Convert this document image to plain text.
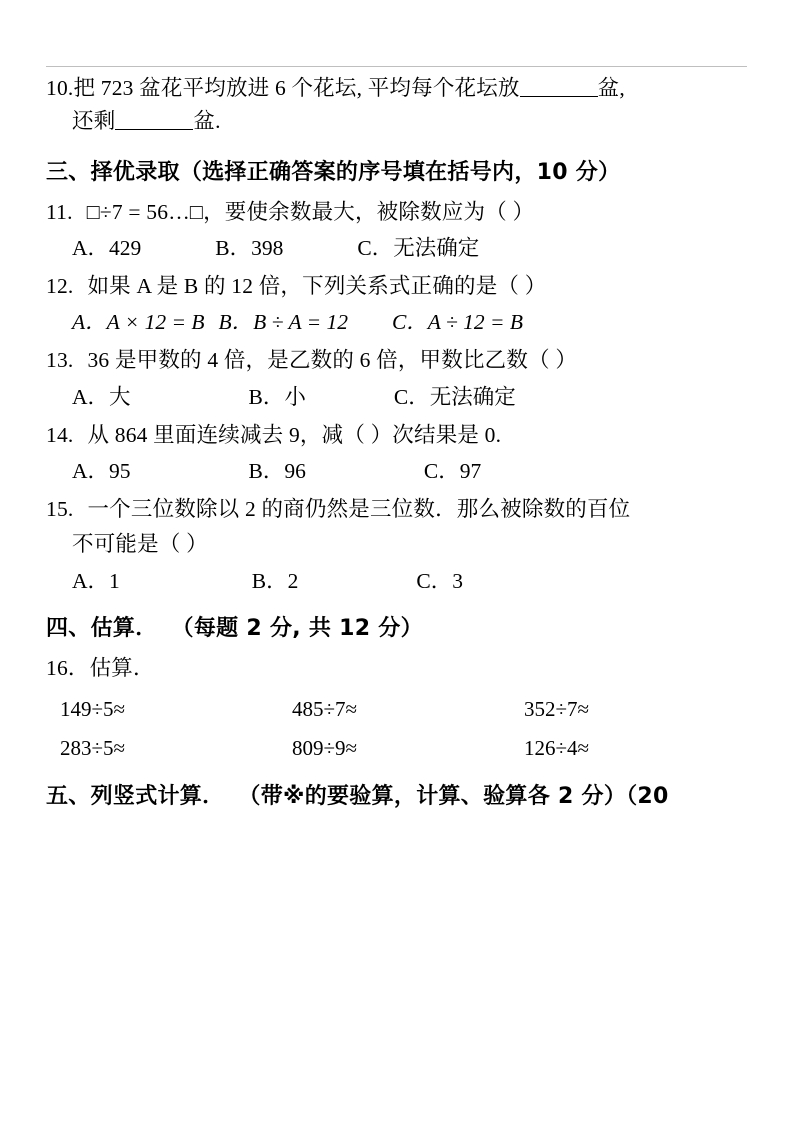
10.把 723 盆花平均放进 6 个花坛, 平均每个花坛放	盆,
还剩	盆.
三、择优录取（选择正确答案的序号填在括号内，10 分）
11. □÷7 = 56…□，要使余数最大，被除数应为（ ）
A．429	B．398	C．无法确定
12. 如果 A 是 B 的 12 倍，下列关系式正确的是（ ）
A．A × 12 = B B．B ÷ A = 12 C．A ÷ 12 = B
13. 36 是甲数的 4 倍，是乙数的 6 倍，甲数比乙数（ ）
A．大	B．小	C．无法确定
14. 从 864 里面连续减去 9，减（ ）次结果是 0.
A．95	B．96	C．97
15. 一个三位数除以 2 的商仍然是三位数．那么被除数的百位
不可能是（ ）
A．1	B．2	C．3
四、估算． （每题 2 分, 共 12 分）
16．估算．
149÷5≈	485÷7≈	352÷7≈
283÷5≈	809÷9≈	126÷4≈
五、列竖式计算． （带※的要验算，计算、验算各 2 分）（20
